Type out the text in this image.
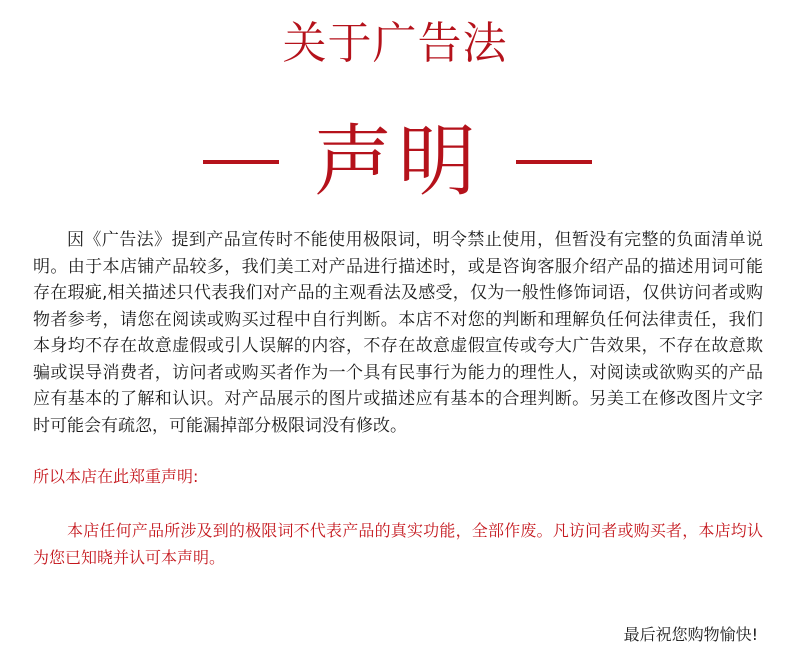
关于广告法
声明

因《广告法》提到产品宣传时不能使用极限词，明令禁止使用，但暂没有完整的负面清单说明。由于本店铺产品较多，我们美工对产品进行描述时，或是咨询客服介绍产品的描述用词可能存在瑕疵,相关描述只代表我们对产品的主观看法及感受，仅为一般性修饰词语，仅供访问者或购物者参考，请您在阅读或购买过程中自行判断。本店不对您的判断和理解负任何法律责任，我们本身均不存在故意虚假或引人误解的内容，不存在故意虚假宣传或夸大广告效果，不存在故意欺骗或误导消费者，访问者或购买者作为一个具有民事行为能力的理性人，对阅读或欲购买的产品应有基本的了解和认识。对产品展示的图片或描述应有基本的合理判断。另美工在修改图片文字时可能会有疏忽，可能漏掉部分极限词没有修改。

所以本店在此郑重声明:

本店任何产品所涉及到的极限词不代表产品的真实功能，全部作废。凡访问者或购买者，本店均认为您已知晓并认可本声明。

最后祝您购物愉快!
